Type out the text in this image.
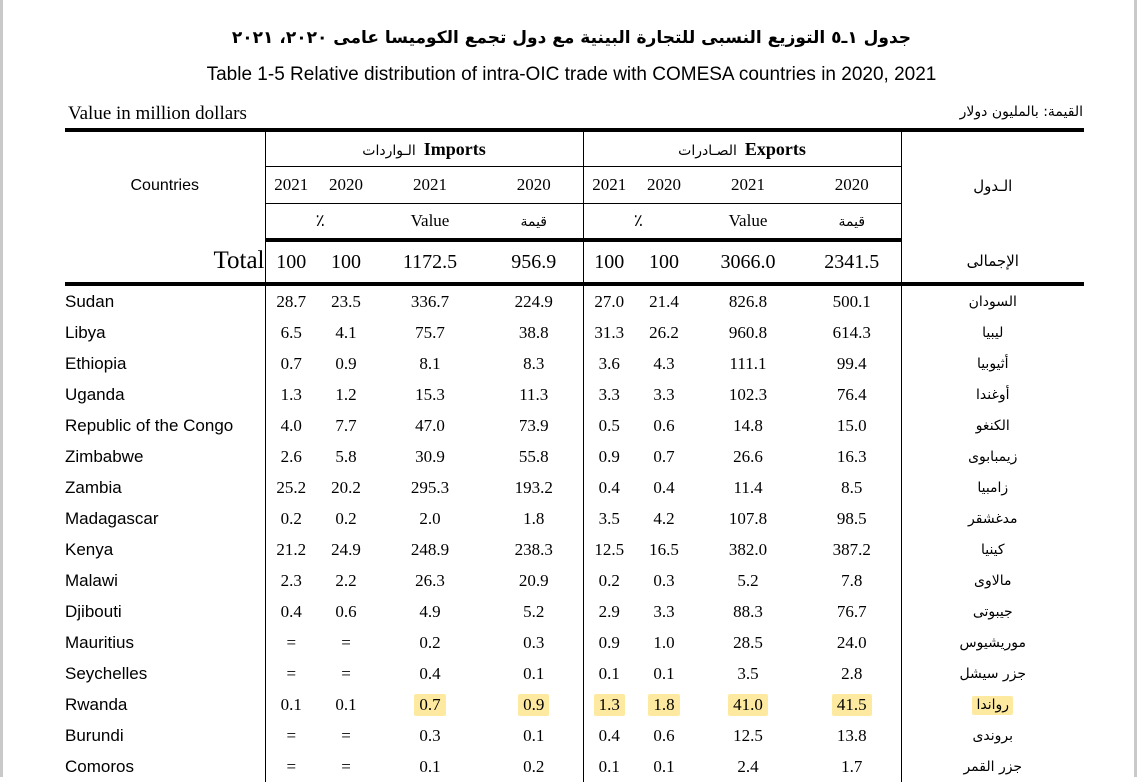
جدول ١ـ٥ التوزيع النسبى للتجارة البينية مع دول تجمع الكوميسا عامى ٢٠٢٠، ٢٠٢١
Table 1-5 Relative distribution of intra-OIC trade with COMESA countries in 2020, 2021
Value in million dollars	القيمة: بالمليون دولار
Countries	الـواردات Imports				الصـادرات Exports				الـدول
	2021	2020	2021	2020	2021	2020	2021	2020	
	٪		Value	قيمة	٪		Value	قيمة	
Total	100	100	1172.5	956.9	100	100	3066.0	2341.5	الإجمالى
Sudan	28.7	23.5	336.7	224.9	27.0	21.4	826.8	500.1	السودان
Libya	6.5	4.1	75.7	38.8	31.3	26.2	960.8	614.3	ليبيا
Ethiopia	0.7	0.9	8.1	8.3	3.6	4.3	111.1	99.4	أثيوبيا
Uganda	1.3	1.2	15.3	11.3	3.3	3.3	102.3	76.4	أوغندا
Republic of the Congo	4.0	7.7	47.0	73.9	0.5	0.6	14.8	15.0	الكنغو
Zimbabwe	2.6	5.8	30.9	55.8	0.9	0.7	26.6	16.3	زيمبابوى
Zambia	25.2	20.2	295.3	193.2	0.4	0.4	11.4	8.5	زامبيا
Madagascar	0.2	0.2	2.0	1.8	3.5	4.2	107.8	98.5	مدغشقر
Kenya	21.2	24.9	248.9	238.3	12.5	16.5	382.0	387.2	كينيا
Malawi	2.3	2.2	26.3	20.9	0.2	0.3	5.2	7.8	مالاوى
Djibouti	0.4	0.6	4.9	5.2	2.9	3.3	88.3	76.7	جيبوتى
Mauritius	=	=	0.2	0.3	0.9	1.0	28.5	24.0	موريشيوس
Seychelles	=	=	0.4	0.1	0.1	0.1	3.5	2.8	جزر سيشل
Rwanda	0.1	0.1	0.7	0.9	1.3	1.8	41.0	41.5	رواندا
Burundi	=	=	0.3	0.1	0.4	0.6	12.5	13.8	بروندى
Comoros	=	=	0.1	0.2	0.1	0.1	2.4	1.7	جزر القمر
